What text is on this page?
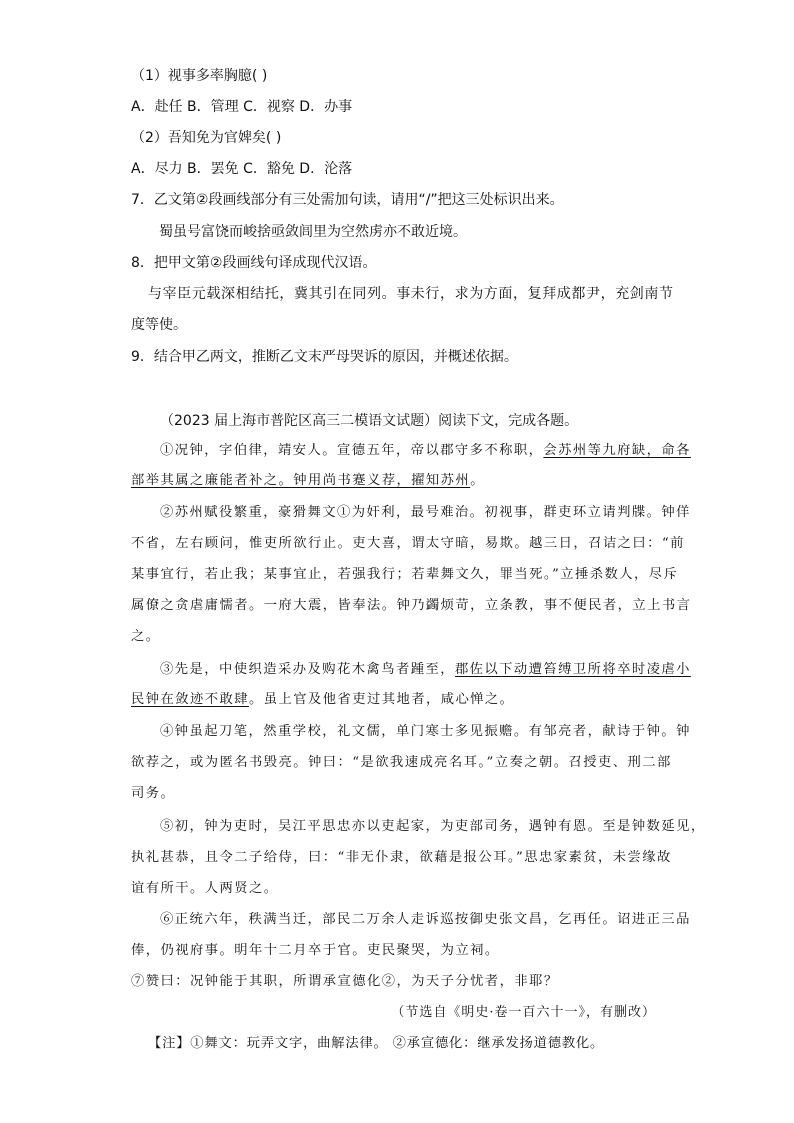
（1）视事多率胸臆( )
A．赴任 B．管理 C．视察 D．办事
（2）吾知免为官婢矣( )
A．尽力 B．罢免 C．豁免 D．沦落
7．乙文第②段画线部分有三处需加句读，请用“/”把这三处标识出来。
蜀虽号富饶而峻捨亟敛闾里为空然虏亦不敢近境。
8．把甲文第②段画线句译成现代汉语。
与宰臣元载深相结托，冀其引在同列。事未行，求为方面，复拜成都尹，充剑南节
度等使。
9．结合甲乙两文，推断乙文末严母哭诉的原因，并概述依据。
（2023 届上海市普陀区高三二模语文试题）阅读下文，完成各题。
①况钟，字伯律，靖安人。宣德五年，帝以郡守多不称职，会苏州等九府缺，命各
部举其属之廉能者补之。钟用尚书蹇义荐，擢知苏州。
②苏州赋役繁重，豪猾舞文①为奸利，最号难治。初视事，群吏环立请判牒。钟佯
不省，左右顾问，惟吏所欲行止。吏大喜，谓太守暗，易欺。越三日，召诘之曰：“前
某事宜行，若止我；某事宜止，若强我行；若辈舞文久，罪当死。”立捶杀数人，尽斥
属僚之贪虐庸懦者。一府大震，皆奉法。钟乃蠲烦苛，立条教，事不便民者，立上书言
之。
③先是，中使织造采办及购花木禽鸟者踵至，郡佐以下动遭笞缚卫所将卒时凌虐小
民钟在敛迹不敢肆。虽上官及他省吏过其地者，咸心惮之。
④钟虽起刀笔，然重学校，礼文儒，单门寒士多见振赡。有邹亮者，献诗于钟。钟
欲荐之，或为匿名书毁亮。钟曰：“是欲我速成亮名耳。”立奏之朝。召授吏、刑二部
司务。
⑤初，钟为吏时，吴江平思忠亦以吏起家，为吏部司务，遇钟有恩。至是钟数延见，
执礼甚恭，且令二子给侍，曰：“非无仆隶，欲藉是报公耳。”思忠家素贫，未尝缘故
谊有所干。人两贤之。
⑥正统六年，秩满当迁，部民二万余人走诉巡按御史张文昌，乞再任。诏进正三品
俸，仍视府事。明年十二月卒于官。吏民聚哭，为立祠。
⑦赞曰：况钟能于其职，所谓承宣德化②，为天子分忧者，非耶？
（节选自《明史·卷一百六十一》，有删改）
【注】①舞文：玩弄文字，曲解法律。 ②承宣德化：继承发扬道德教化。
